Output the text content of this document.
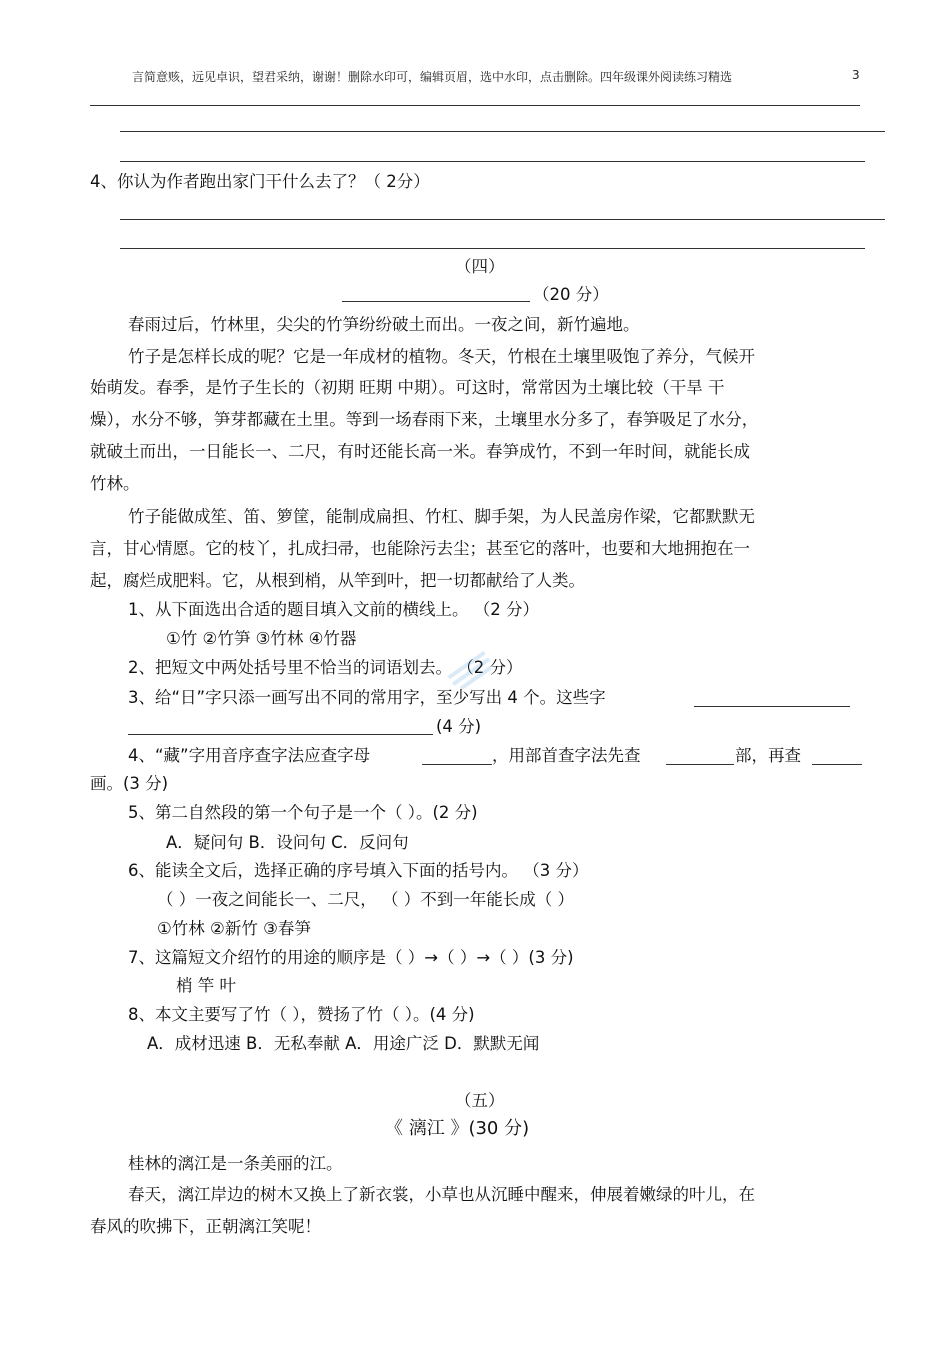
言简意赅，远见卓识，望君采纳，谢谢！删除水印可，编辑页眉，选中水印，点击删除。四年级课外阅读练习精选	3
4、你认为作者跑出家门干什么去了？（ 2分）
（四）
（20 分）
春雨过后，竹林里，尖尖的竹笋纷纷破土而出。一夜之间，新竹遍地。
竹子是怎样长成的呢？它是一年成材的植物。冬天，竹根在土壤里吸饱了养分，气候开
始萌发。春季，是竹子生长的（初期 旺期 中期）。可这时，常常因为土壤比较（干旱 干
燥），水分不够，笋芽都藏在土里。等到一场春雨下来，土壤里水分多了，春笋吸足了水分，
就破土而出，一日能长一、二尺，有时还能长高一米。春笋成竹，不到一年时间，就能长成
竹林。
竹子能做成笙、笛、箩筐，能制成扁担、竹杠、脚手架，为人民盖房作梁，它都默默无
言，甘心情愿。它的枝丫，扎成扫帚，也能除污去尘；甚至它的落叶，也要和大地拥抱在一
起，腐烂成肥料。它，从根到梢，从竿到叶，把一切都献给了人类。
1、从下面选出合适的题目填入文前的横线上。 （2 分）
①竹 ②竹笋 ③竹林 ④竹器
2、把短文中两处括号里不恰当的词语划去。 （2 分）
3、给“日”字只添一画写出不同的常用字，至少写出 4 个。这些字
(4 分)
4、“藏”字用音序查字法应查字母	，用部首查字法先查	部，再查
画。(3 分)
5、第二自然段的第一个句子是一个（ ）。(2 分)
A．疑问句 B．设问句 C．反问句
6、能读全文后，选择正确的序号填入下面的括号内。 （3 分）
（ ）一夜之间能长一、二尺， （ ）不到一年能长成（ ）
①竹林 ②新竹 ③春笋
7、这篇短文介绍竹的用途的顺序是（ ）→（ ）→（ ）(3 分)
梢 竿 叶
8、本文主要写了竹（ ），赞扬了竹（ ）。(4 分)
A．成材迅速 B．无私奉献 A．用途广泛 D．默默无闻
（五）
《 漓江 》(30 分)
桂林的漓江是一条美丽的江。
春天，漓江岸边的树木又换上了新衣裳，小草也从沉睡中醒来，伸展着嫩绿的叶儿，在
春风的吹拂下，正朝漓江笑呢！
